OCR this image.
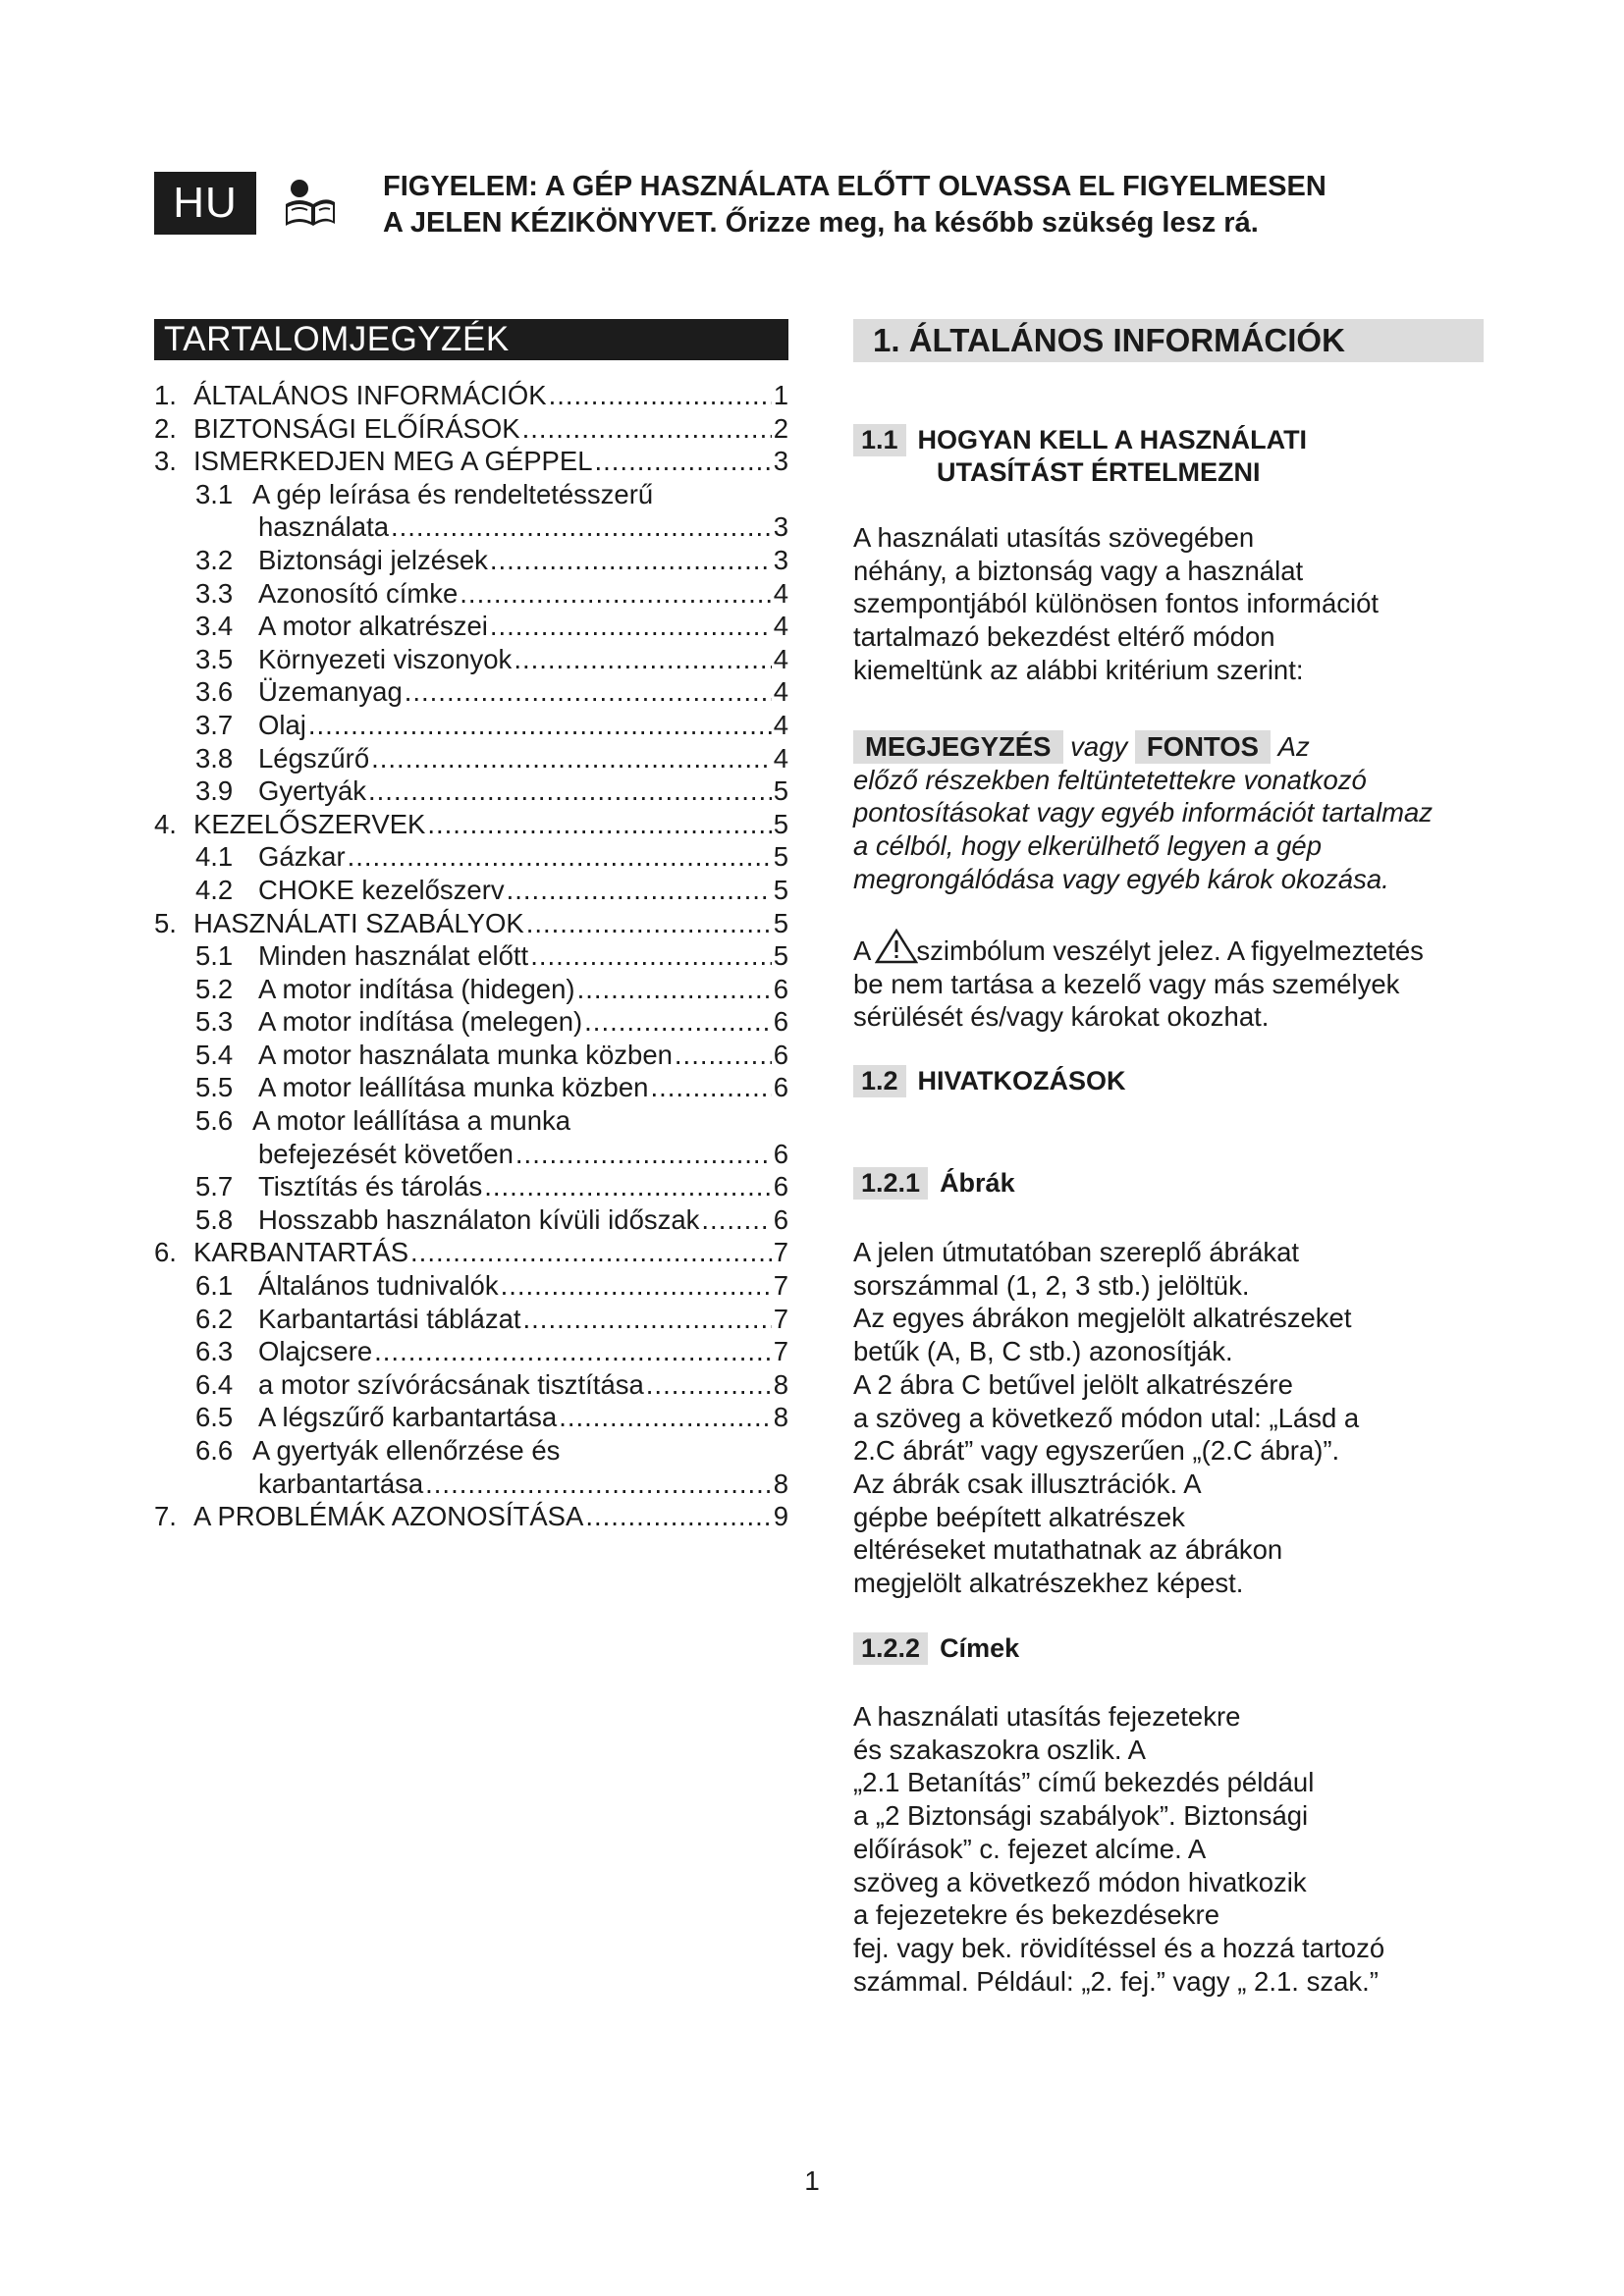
HU	FIGYELEM: A GÉP HASZNÁLATA ELŐTT OLVASSA EL FIGYELMESEN
A JELEN KÉZIKÖNYVET. Őrizze meg, ha később szükség lesz rá.
TARTALOMJEGYZÉK
1. ÁLTALÁNOS INFORMÁCIÓK .....	1
2. BIZTONSÁGI ELŐÍRÁSOK .....	2
3. ISMERKEDJEN MEG A GÉPPEL .....	3
3.1 A gép leírása és rendeltetésszerű
használata .....	3
3.2 Biztonsági jelzések .....	3
3.3 Azonosító címke .....	4
3.4 A motor alkatrészei .....	4
3.5 Környezeti viszonyok .....	4
3.6 Üzemanyag .....	4
3.7 Olaj .....	4
3.8 Légszűrő .....	4
3.9 Gyertyák .....	5
4. KEZELŐSZERVEK .....	5
4.1 Gázkar .....	5
4.2 CHOKE kezelőszerv .....	5
5. HASZNÁLATI SZABÁLYOK .....	5
5.1 Minden használat előtt .....	5
5.2 A motor indítása (hidegen) .....	6
5.3 A motor indítása (melegen) .....	6
5.4 A motor használata munka közben .....	6
5.5 A motor leállítása munka közben .....	6
5.6 A motor leállítása a munka
befejezését követően .....	6
5.7 Tisztítás és tárolás .....	6
5.8 Hosszabb használaton kívüli időszak .....	6
6. KARBANTARTÁS .....	7
6.1 Általános tudnivalók .....	7
6.2 Karbantartási táblázat .....	7
6.3 Olajcsere .....	7
6.4 a motor szívórácsának tisztítása .....	8
6.5 A légszűrő karbantartása .....	8
6.6 A gyertyák ellenőrzése és
karbantartása .....	8
7. A PROBLÉMÁK AZONOSÍTÁSA .....	9
1. ÁLTALÁNOS INFORMÁCIÓK
1.1 HOGYAN KELL A HASZNÁLATI
UTASÍTÁST ÉRTELMEZNI
A használati utasítás szövegében
néhány, a biztonság vagy a használat
szempontjából különösen fontos információt
tartalmazó bekezdést eltérő módon
kiemeltünk az alábbi kritérium szerint:
MEGJEGYZÉS vagy FONTOS Az
előző részekben feltüntetettekre vonatkozó
pontosításokat vagy egyéb információt tartalmaz
a célból, hogy elkerülhető legyen a gép
megrongálódása vagy egyéb károk okozása.
A szimbólum veszélyt jelez. A figyelmeztetés
be nem tartása a kezelő vagy más személyek
sérülését és/vagy károkat okozhat.
1.2 HIVATKOZÁSOK
1.2.1 Ábrák
A jelen útmutatóban szereplő ábrákat
sorszámmal (1, 2, 3 stb.) jelöltük.
Az egyes ábrákon megjelölt alkatrészeket
betűk (A, B, C stb.) azonosítják.
A 2 ábra C betűvel jelölt alkatrészére
a szöveg a következő módon utal: „Lásd a
2.C ábrát” vagy egyszerűen „(2.C ábra)”.
Az ábrák csak illusztrációk. A
gépbe beépített alkatrészek
eltéréseket mutathatnak az ábrákon
megjelölt alkatrészekhez képest.
1.2.2 Címek
A használati utasítás fejezetekre
és szakaszokra oszlik. A
„2.1 Betanítás” című bekezdés például
a „2 Biztonsági szabályok”. Biztonsági
előírások” c. fejezet alcíme. A
szöveg a következő módon hivatkozik
a fejezetekre és bekezdésekre
fej. vagy bek. rövidítéssel és a hozzá tartozó
számmal. Például: „2. fej.” vagy „ 2.1. szak.”
1
